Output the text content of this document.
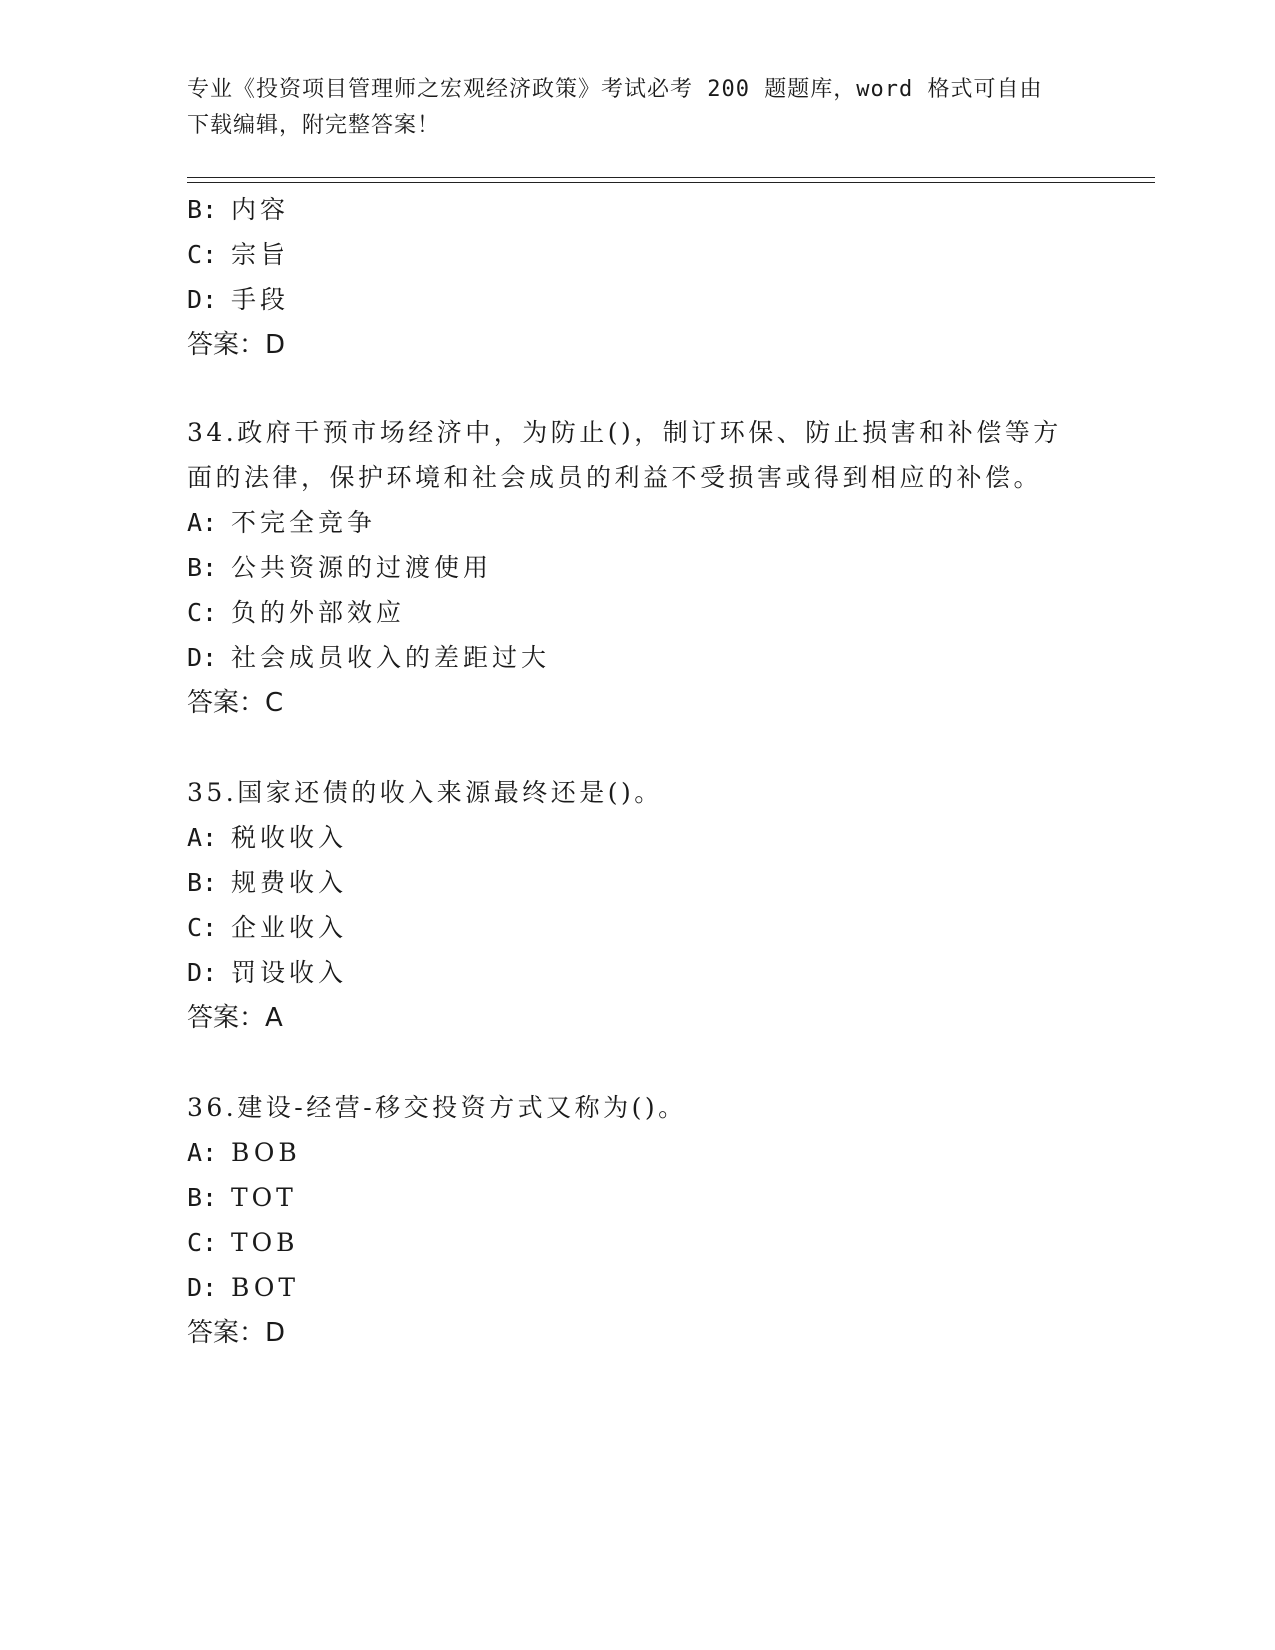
专业《投资项目管理师之宏观经济政策》考试必考 200 题题库，word 格式可自由
下载编辑，附完整答案！
B: 内容
C: 宗旨
D: 手段
答案：D
34.政府干预市场经济中，为防止()，制订环保、防止损害和补偿等方
面的法律，保护环境和社会成员的利益不受损害或得到相应的补偿。
A: 不完全竞争
B: 公共资源的过渡使用
C: 负的外部效应
D: 社会成员收入的差距过大
答案：C
35.国家还债的收入来源最终还是()。
A: 税收收入
B: 规费收入
C: 企业收入
D: 罚设收入
答案：A
36.建设-经营-移交投资方式又称为()。
A: BOB
B: TOT
C: TOB
D: BOT
答案：D
